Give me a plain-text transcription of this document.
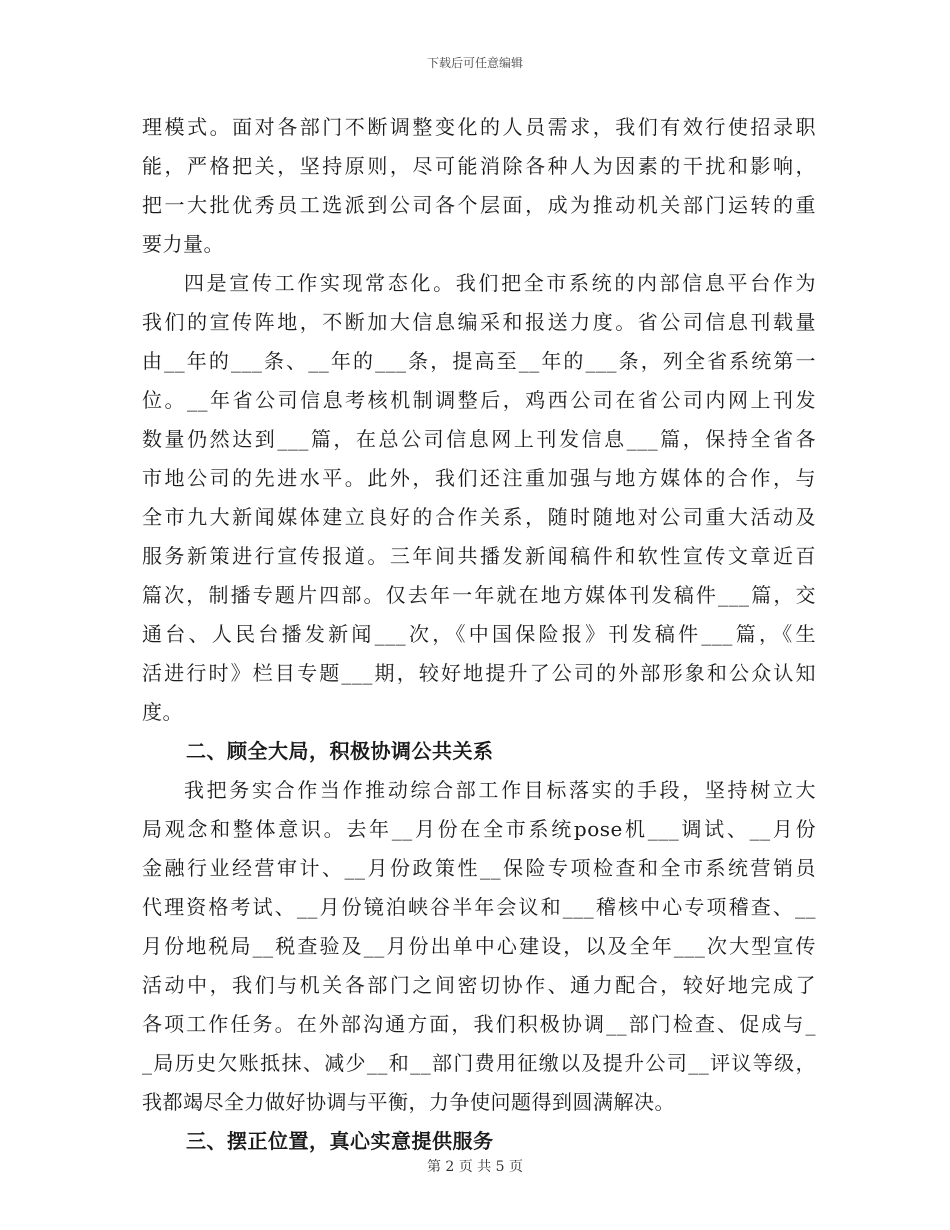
下载后可任意编辑
理模式。面对各部门不断调整变化的人员需求，我们有效行使招录职
能，严格把关，坚持原则，尽可能消除各种人为因素的干扰和影响，
把一大批优秀员工选派到公司各个层面，成为推动机关部门运转的重
要力量。
四是宣传工作实现常态化。我们把全市系统的内部信息平台作为
我们的宣传阵地，不断加大信息编采和报送力度。省公司信息刊载量
由__年的___条、__年的___条，提高至__年的___条，列全省系统第一
位。__年省公司信息考核机制调整后，鸡西公司在省公司内网上刊发
数量仍然达到___篇，在总公司信息网上刊发信息___篇，保持全省各
市地公司的先进水平。此外，我们还注重加强与地方媒体的合作，与
全市九大新闻媒体建立良好的合作关系，随时随地对公司重大活动及
服务新策进行宣传报道。三年间共播发新闻稿件和软性宣传文章近百
篇次，制播专题片四部。仅去年一年就在地方媒体刊发稿件___篇，交
通台、人民台播发新闻___次，《中国保险报》刊发稿件___篇，《生
活进行时》栏目专题___期，较好地提升了公司的外部形象和公众认知
度。
二、顾全大局，积极协调公共关系
我把务实合作当作推动综合部工作目标落实的手段，坚持树立大
局观念和整体意识。去年__月份在全市系统pose机___调试、__月份
金融行业经营审计、__月份政策性__保险专项检查和全市系统营销员
代理资格考试、__月份镜泊峡谷半年会议和___稽核中心专项稽查、__
月份地税局__税查验及__月份出单中心建设，以及全年___次大型宣传
活动中，我们与机关各部门之间密切协作、通力配合，较好地完成了
各项工作任务。在外部沟通方面，我们积极协调__部门检查、促成与_
_局历史欠账抵抹、减少__和__部门费用征缴以及提升公司__评议等级，
我都竭尽全力做好协调与平衡，力争使问题得到圆满解决。
三、摆正位置，真心实意提供服务
第 2 页 共 5 页
